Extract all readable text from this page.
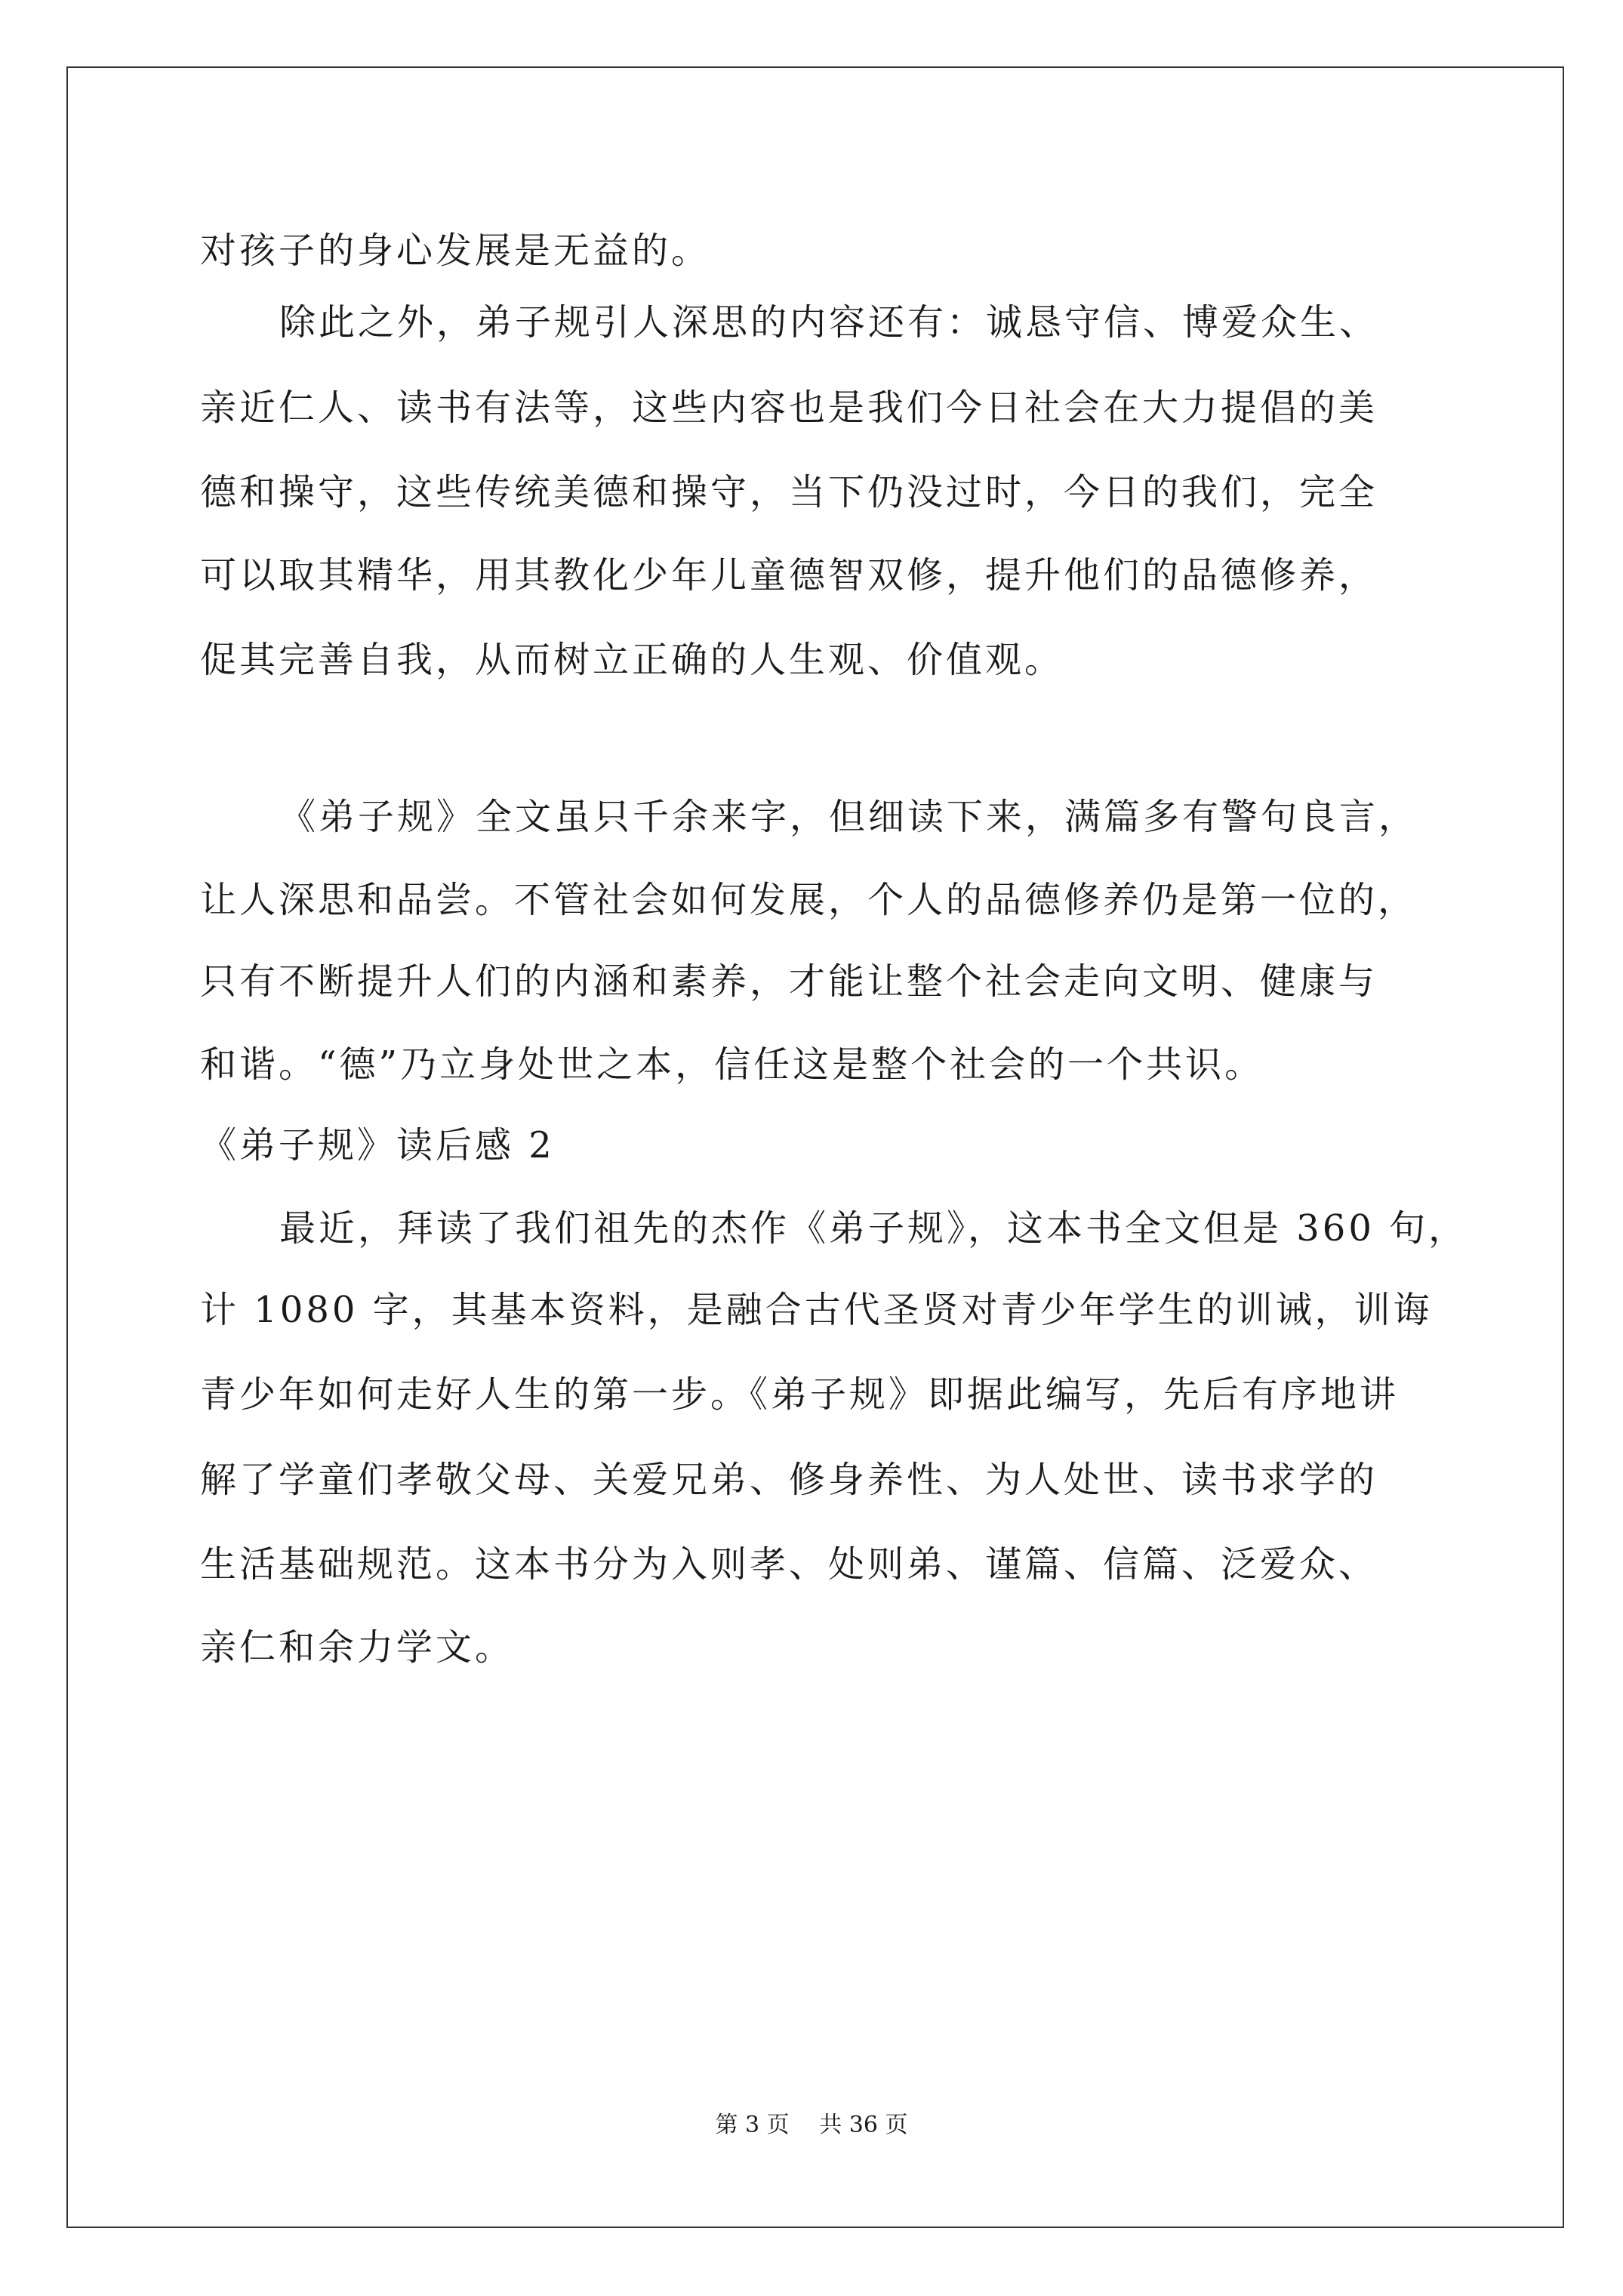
对孩子的身心发展是无益的。
除此之外，弟子规引人深思的内容还有：诚恳守信、博爱众生、
亲近仁人、读书有法等，这些内容也是我们今日社会在大力提倡的美
德和操守，这些传统美德和操守，当下仍没过时，今日的我们，完全
可以取其精华，用其教化少年儿童德智双修，提升他们的品德修养，
促其完善自我，从而树立正确的人生观、价值观。
《弟子规》全文虽只千余来字，但细读下来，满篇多有警句良言，
让人深思和品尝。不管社会如何发展，个人的品德修养仍是第一位的，
只有不断提升人们的内涵和素养，才能让整个社会走向文明、健康与
和谐。“德”乃立身处世之本，信任这是整个社会的一个共识。
《弟子规》读后感 2
最近，拜读了我们祖先的杰作《弟子规》，这本书全文但是 360 句，
计 1080 字，其基本资料，是融合古代圣贤对青少年学生的训诫，训诲
青少年如何走好人生的第一步。《弟子规》即据此编写，先后有序地讲
解了学童们孝敬父母、关爱兄弟、修身养性、为人处世、读书求学的
生活基础规范。这本书分为入则孝、处则弟、谨篇、信篇、泛爱众、
亲仁和余力学文。
第 3 页　 共 36 页
